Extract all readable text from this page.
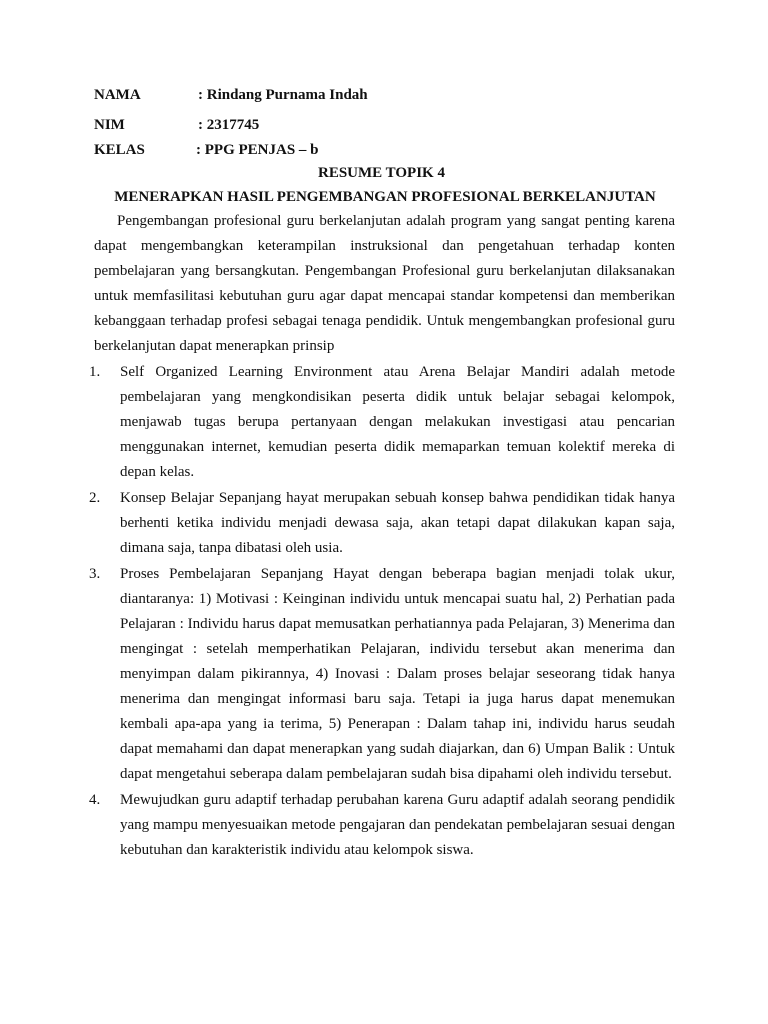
NAMA	: Rindang Purnama Indah
NIM	: 2317745
KELAS	: PPG PENJAS – b
RESUME TOPIK 4
MENERAPKAN HASIL PENGEMBANGAN PROFESIONAL BERKELANJUTAN

Pengembangan profesional guru berkelanjutan adalah program yang sangat penting karena dapat mengembangkan keterampilan instruksional dan pengetahuan terhadap konten pembelajaran yang bersangkutan. Pengembangan Profesional guru berkelanjutan dilaksanakan untuk memfasilitasi kebutuhan guru agar dapat mencapai standar kompetensi dan memberikan kebanggaan terhadap profesi sebagai tenaga pendidik. Untuk mengembangkan profesional guru berkelanjutan dapat menerapkan prinsip

1. Self Organized Learning Environment atau Arena Belajar Mandiri adalah metode pembelajaran yang mengkondisikan peserta didik untuk belajar sebagai kelompok, menjawab tugas berupa pertanyaan dengan melakukan investigasi atau pencarian menggunakan internet, kemudian peserta didik memaparkan temuan kolektif mereka di depan kelas.
2. Konsep Belajar Sepanjang hayat merupakan sebuah konsep bahwa pendidikan tidak hanya berhenti ketika individu menjadi dewasa saja, akan tetapi dapat dilakukan kapan saja, dimana saja, tanpa dibatasi oleh usia.
3. Proses Pembelajaran Sepanjang Hayat dengan beberapa bagian menjadi tolak ukur, diantaranya: 1) Motivasi : Keinginan individu untuk mencapai suatu hal, 2) Perhatian pada Pelajaran : Individu harus dapat memusatkan perhatiannya pada Pelajaran, 3) Menerima dan mengingat : setelah memperhatikan Pelajaran, individu tersebut akan menerima dan menyimpan dalam pikirannya, 4) Inovasi : Dalam proses belajar seseorang tidak hanya menerima dan mengingat informasi baru saja. Tetapi ia juga harus dapat menemukan kembali apa-apa yang ia terima, 5) Penerapan : Dalam tahap ini, individu harus seudah dapat memahami dan dapat menerapkan yang sudah diajarkan, dan 6) Umpan Balik : Untuk dapat mengetahui seberapa dalam pembelajaran sudah bisa dipahami oleh individu tersebut.
4. Mewujudkan guru adaptif terhadap perubahan karena Guru adaptif adalah seorang pendidik yang mampu menyesuaikan metode pengajaran dan pendekatan pembelajaran sesuai dengan kebutuhan dan karakteristik individu atau kelompok siswa.
